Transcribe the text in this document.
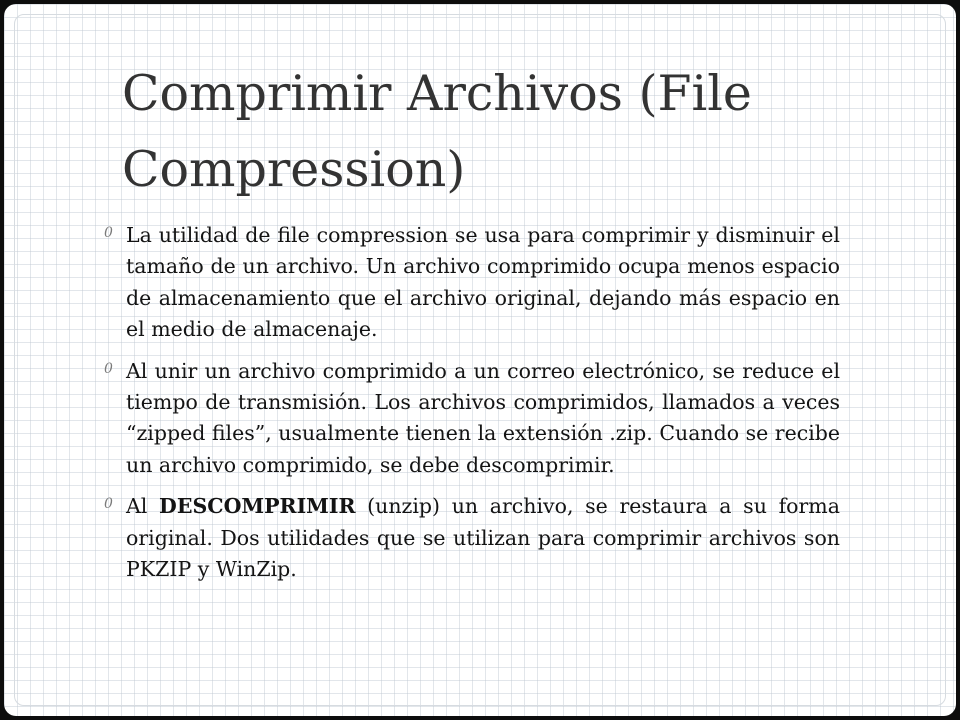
Comprimir Archivos (File Compression)
0 La utilidad de file compression se usa para comprimir y disminuir el tamaño de un archivo. Un archivo comprimido ocupa menos espacio de almacenamiento que el archivo original, dejando más espacio en el medio de almacenaje.
0 Al unir un archivo comprimido a un correo electrónico, se reduce el tiempo de transmisión. Los archivos comprimidos, llamados a veces “zipped files”, usualmente tienen la extensión .zip. Cuando se recibe un archivo comprimido, se debe descomprimir.
0 Al DESCOMPRIMIR (unzip) un archivo, se restaura a su forma original. Dos utilidades que se utilizan para comprimir archivos son PKZIP y WinZip.
